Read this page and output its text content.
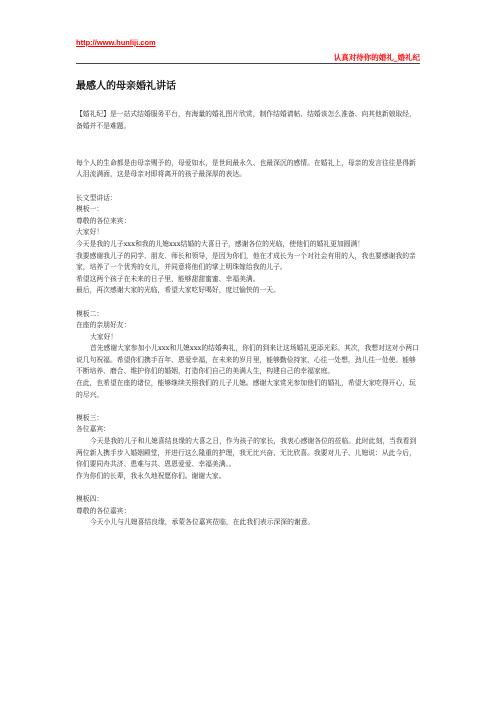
http://www.hunliji.com
认真对待你的婚礼_婚礼纪
最感人的母亲婚礼讲话

【婚礼纪】是一站式结婚服务平台，有海量的婚礼图片欣赏，制作结婚请帖、结婚该怎么准备、向其他新娘取经，备婚并不是难题。

每个人的生命都是由母亲赐予的，母爱如水，是世间最永久、也最深沉的感情。在婚礼上，母亲的发言往往是得新人泪流满面，这是母亲对即将离开的孩子最深厚的表达。

长文型讲话：

模板一：

尊敬的各位来宾：

大家好！

今天是我的儿子xxx和我的儿媳xxx结婚的大喜日子，感谢各位的光临，使他们的婚礼更加圆满！

我要感谢我儿子的同学、朋友、师长和领导，是因为你们，他在才成长为一个对社会有用的人，我也要感谢我的亲家，培养了一个优秀的女儿，并同意将他们的掌上明珠嫁给我的儿子。

希望这两个孩子在未来的日子里，能够甜甜蜜蜜、幸福美满。

最后，再次感谢大家的光临，希望大家吃好喝好，度过愉快的一天。

模板二：

在座的亲朋好友：

大家好！

首先感谢大家参加小儿xxx和儿媳xxx的结婚典礼，你们的到来让这场婚礼更添光彩。其次，我想对这对小两口说几句祝福。希望你们携手百年、恩爱幸福，在未来的岁月里，能够勤俭持家，心往一处想，劲儿往一处使。能够不断培养、磨合、维护你们的婚姻，打造你们自己的美满人生，构建自己的幸福家庭。

在此，也希望在座的诸位，能够继续关照我们的儿子儿媳。感谢大家赏光参加他们的婚礼，希望大家吃得开心，玩的尽兴。

模板三：

各位嘉宾：

今天是我的儿子和儿媳喜结良缘的大喜之日，作为孩子的家长，我衷心感谢各位的莅临。此时此刻，当我看到两位新人携手步入婚姻殿堂，并进行这么隆重的护理，我无比兴奋、无比欣喜。我要对儿子、儿媳说：从此今后，你们要同舟共济、患难与共、恩恩爱爱、幸福美满。。

作为你们的长辈，我永久地祝愿你们。谢谢大家。

模板四：

尊敬的各位嘉宾：

今天小儿与儿媳喜结良缘，承蒙各位嘉宾莅临，在此我们表示深深的谢意。
